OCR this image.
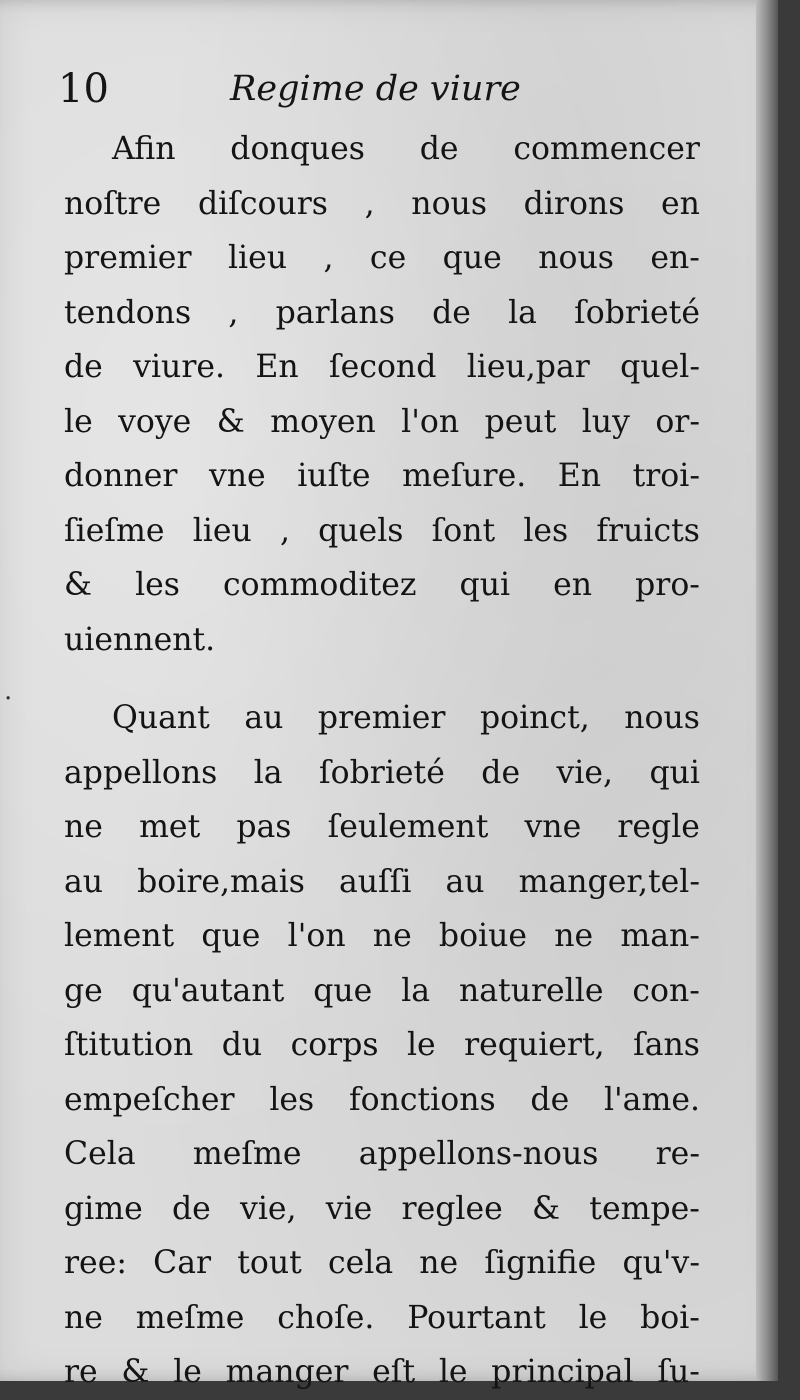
10	Regime de viure
.
Afin donques de commencer
noſtre diſcours , nous dirons en
premier lieu , ce que nous en-
tendons , parlans de la ſobrieté
de viure. En ſecond lieu,par quel-
le voye & moyen l'on peut luy or-
donner vne iuſte meſure. En troi-
ſieſme lieu , quels ſont les fruicts
& les commoditez qui en pro-
uiennent.
Quant au premier poinct, nous
appellons la ſobrieté de vie, qui
ne met pas ſeulement vne regle
au boire,mais auſſi au manger,tel-
lement que l'on ne boiue ne man-
ge qu'autant que la naturelle con-
ſtitution du corps le requiert, ſans
empeſcher les fonctions de l'ame.
Cela meſme appellons-nous re-
gime de vie, vie reglee & tempe-
ree: Car tout cela ne ſignifie qu'v-
ne meſme choſe. Pourtant le boi-
re & le manger eſt le principal ſu-
